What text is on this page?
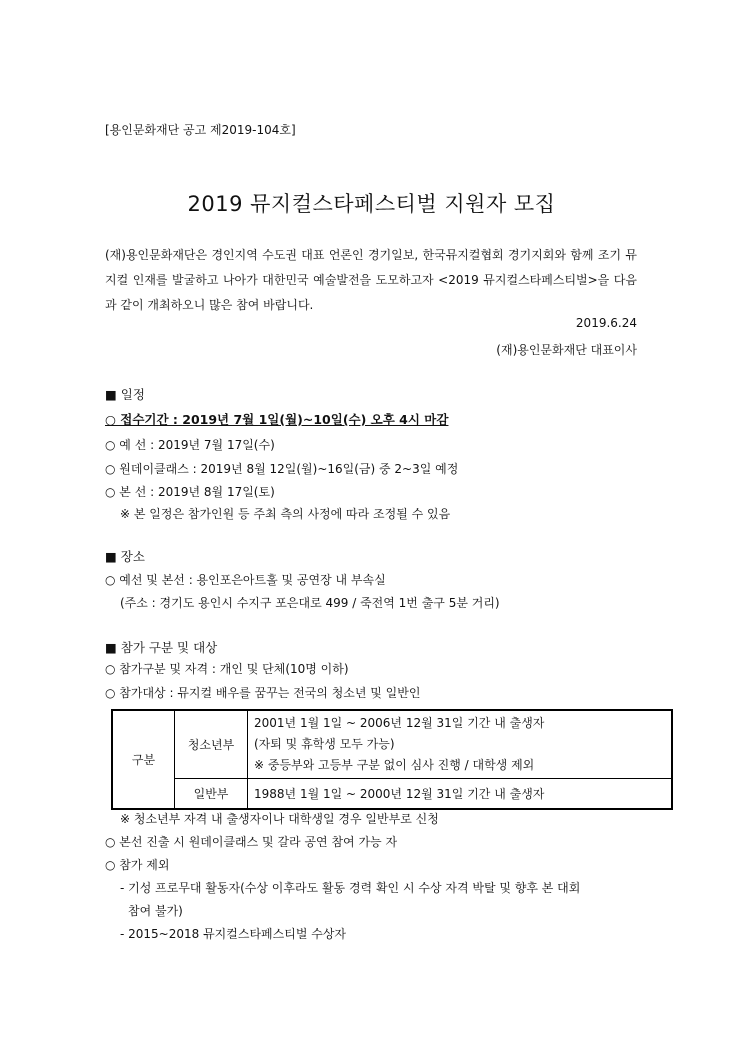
[용인문화재단 공고 제2019-104호]
2019 뮤지컬스타페스티벌 지원자 모집
(재)용인문화재단은 경인지역 수도권 대표 언론인 경기일보, 한국뮤지컬협회 경기지회와 함께 조기 뮤지컬 인재를 발굴하고 나아가 대한민국 예술발전을 도모하고자 <2019 뮤지컬스타페스티벌>을 다음과 같이 개최하오니 많은 참여 바랍니다.
2019.6.24
(재)용인문화재단 대표이사
■ 일정
○ 접수기간 : 2019년 7월 1일(월)~10일(수) 오후 4시 마감
○ 예 선 : 2019년 7월 17일(수)
○ 원데이클래스 : 2019년 8월 12일(월)~16일(금) 중 2~3일 예정
○ 본 선 : 2019년 8월 17일(토)
※ 본 일정은 참가인원 등 주최 측의 사정에 따라 조정될 수 있음
■ 장소
○ 예선 및 본선 : 용인포은아트홀 및 공연장 내 부속실
(주소 : 경기도 용인시 수지구 포은대로 499 / 죽전역 1번 출구 5분 거리)
■ 참가 구분 및 대상
○ 참가구분 및 자격 : 개인 및 단체(10명 이하)
○ 참가대상 : 뮤지컬 배우를 꿈꾸는 전국의 청소년 및 일반인
구분	청소년부	2001년 1월 1일 ~ 2006년 12월 31일 기간 내 출생자
(자퇴 및 휴학생 모두 가능)
※ 중등부와 고등부 구분 없이 심사 진행 / 대학생 제외

	일반부	1988년 1월 1일 ~ 2000년 12월 31일 기간 내 출생자
※ 청소년부 자격 내 출생자이나 대학생일 경우 일반부로 신청
○ 본선 진출 시 원데이클래스 및 갈라 공연 참여 가능 자
○ 참가 제외
- 기성 프로무대 활동자(수상 이후라도 활동 경력 확인 시 수상 자격 박탈 및 향후 본 대회
참여 불가)
- 2015~2018 뮤지컬스타페스티벌 수상자
